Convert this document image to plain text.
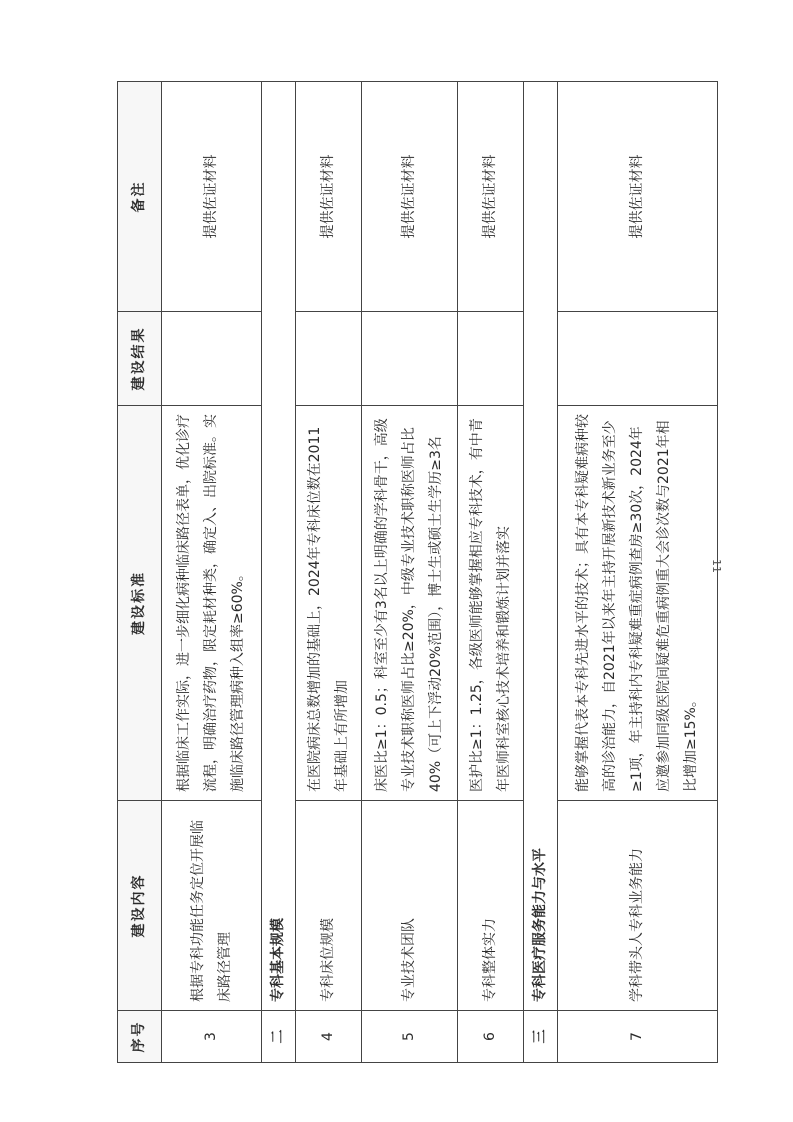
序号	建设内容	建设标准	建设结果	备注
3	根据专科功能任务定位开展临床路径管理	根据临床工作实际，进一步细化病种临床路径表单，优化诊疗流程，明确治疗药物，限定耗材种类，确定入、出院标准。实施临床路径管理病种入组率≥60%。		提供佐证材料
二	专科基本规模			
4	专科床位规模	在医院病床总数增加的基础上，2024年专科床位数在2011年基础上有所增加		提供佐证材料
5	专业技术团队	床医比≥1：0.5；科室至少有3名以上明确的学科骨干，高级专业技术职称医师占比≥20%，中级专业技术职称医师占比40%（可上下浮动20%范围），博士生或硕士生学历≥3名		提供佐证材料
6	专科整体实力	医护比≥1：1.25，各级医师能够掌握相应专科技术，有中青年医师科室核心技术培养和锻炼计划并落实		提供佐证材料
三	专科医疗服务能力与水平			
7	学科带头人专科业务能力	能够掌握代表本专科先进水平的技术；具有本专科疑难病种较高的诊治能力，自2021年以来年主持开展新技术新业务至少≥1项，年主持科内专科疑难重症病例查房≥30次，2024年应邀参加同级医院间疑难危重病例重大会诊次数与2021年相比增加≥15%。		提供佐证材料
11
